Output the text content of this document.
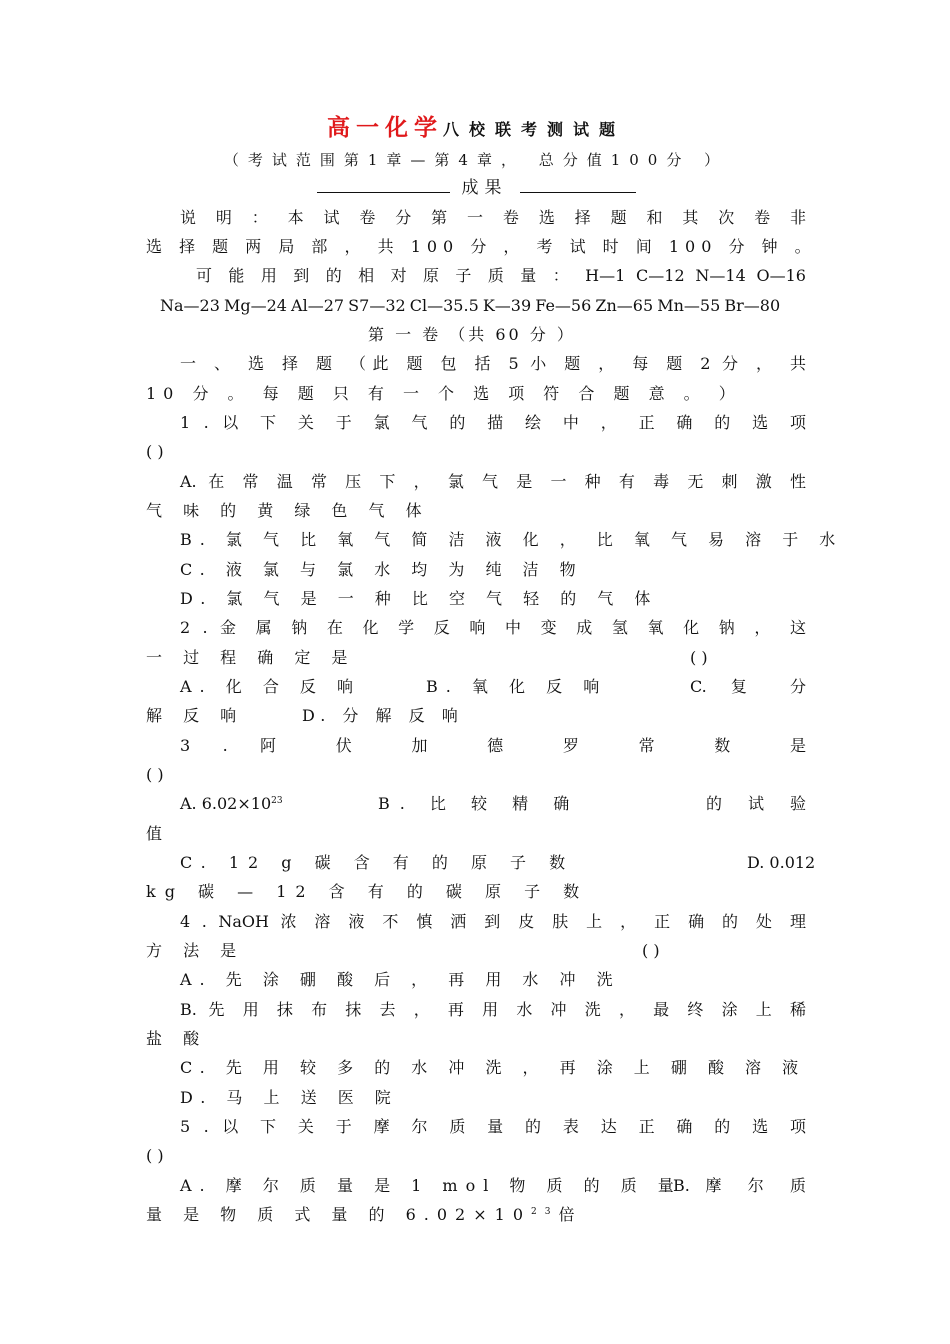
高一化学八校联考测试题
（考试范围第1章—第4章， 总分值100分 ）
成果
说 明 ： 本 试 卷 分 第 一 卷 选 择 题 和 其 次 卷 非
选 择 题 两 局 部 ， 共 100 分 ， 考 试 时 间 100 分 钟 。
可 能 用 到 的 相 对 原 子 质 量 ： H—1 C—12 N—14 O—16
Na—23 Mg—24 Al—27 S7—32 Cl—35.5 K—39 Fe—56 Zn—65 Mn—55 Br—80
第 一 卷 （共 60 分 ）
一 、 选 择 题 （此 题 包 括 5 小 题 ， 每 题 2 分 ， 共
10 分 。 每 题 只 有 一 个 选 项 符 合 题 意 。 ）
1 . 以 下 关 于 氯 气 的 描 绘 中 ， 正 确 的 选 项
( )
A. 在 常 温 常 压 下 ， 氯 气 是 一 种 有 毒 无 刺 激 性
气 味 的 黄 绿 色 气 体
B. 氯 气 比 氧 气 简 洁 液 化 ， 比 氧 气 易 溶 于 水
C. 液 氯 与 氯 水 均 为 纯 洁 物
D. 氯 气 是 一 种 比 空 气 轻 的 气 体
2 . 金 属 钠 在 化 学 反 响 中 变 成 氢 氧 化 钠 ， 这
一 过 程 确 定 是	( )
A. 化 合 反 响	B. 氧 化 反 响	C. 复 分
解 反 响	D. 分 解 反 响
3 . 阿 伏 加 德 罗 常 数 是
( )
A. $6.02\times 10^{23}$	B. 比 较 精 确	的 试 验
值
C. 12 g 碳 含 有 的 原 子 数	D. 0.012
kg 碳 — 12 含 有 的 碳 原 子 数
4 . NaOH 浓 溶 液 不 慎 洒 到 皮 肤 上 ， 正 确 的 处 理
方 法 是	( )
A. 先 涂 硼 酸 后 ， 再 用 水 冲 洗
B. 先 用 抹 布 抹 去 ， 再 用 水 冲 洗 ， 最 终 涂 上 稀
盐 酸
C. 先 用 较 多 的 水 冲 洗 ， 再 涂 上 硼 酸 溶 液
D. 马 上 送 医 院
5 . 以 下 关 于 摩 尔 质 量 的 表 达 正 确 的 选 项
( )
A. 摩 尔 质 量 是 1 mol 物 质 的 质 量
B. 摩 尔 质
量 是 物 质 式 量 的 $6.02\times 10^{23}$倍
